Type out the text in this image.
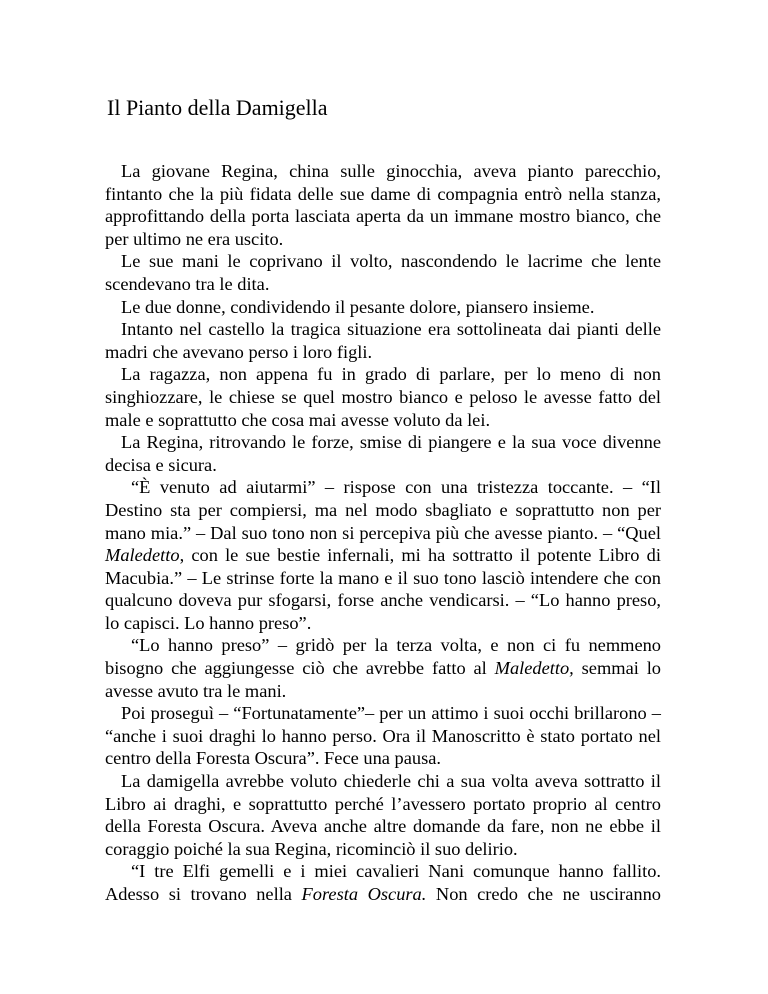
Il Pianto della Damigella

La giovane Regina, china sulle ginocchia, aveva pianto parecchio, fintanto che la più fidata delle sue dame di compagnia entrò nella stanza, approfittando della porta lasciata aperta da un immane mostro bianco, che per ultimo ne era uscito.

Le sue mani le coprivano il volto, nascondendo le lacrime che lente scendevano tra le dita.

Le due donne, condividendo il pesante dolore, piansero insieme.

Intanto nel castello la tragica situazione era sottolineata dai pianti delle madri che avevano perso i loro figli.

La ragazza, non appena fu in grado di parlare, per lo meno di non singhiozzare, le chiese se quel mostro bianco e peloso le avesse fatto del male e soprattutto che cosa mai avesse voluto da lei.

La Regina, ritrovando le forze, smise di piangere e la sua voce divenne decisa e sicura.

“È venuto ad aiutarmi” – rispose con una tristezza toccante. – “Il Destino sta per compiersi, ma nel modo sbagliato e soprattutto non per mano mia.” – Dal suo tono non si percepiva più che avesse pianto. – “Quel Maledetto, con le sue bestie infernali, mi ha sottratto il potente Libro di Macubia.” – Le strinse forte la mano e il suo tono lasciò intendere che con qualcuno doveva pur sfogarsi, forse anche vendicarsi. – “Lo hanno preso, lo capisci. Lo hanno preso”.

“Lo hanno preso” – gridò per la terza volta, e non ci fu nemmeno bisogno che aggiungesse ciò che avrebbe fatto al Maledetto, semmai lo avesse avuto tra le mani.

Poi proseguì – “Fortunatamente”– per un attimo i suoi occhi brillarono – “anche i suoi draghi lo hanno perso. Ora il Manoscritto è stato portato nel centro della Foresta Oscura”. Fece una pausa.

La damigella avrebbe voluto chiederle chi a sua volta aveva sottratto il Libro ai draghi, e soprattutto perché l’avessero portato proprio al centro della Foresta Oscura. Aveva anche altre domande da fare, non ne ebbe il coraggio poiché la sua Regina, ricominciò il suo delirio.

“I tre Elfi gemelli e i miei cavalieri Nani comunque hanno fallito. Adesso si trovano nella Foresta Oscura. Non credo che ne usciranno
